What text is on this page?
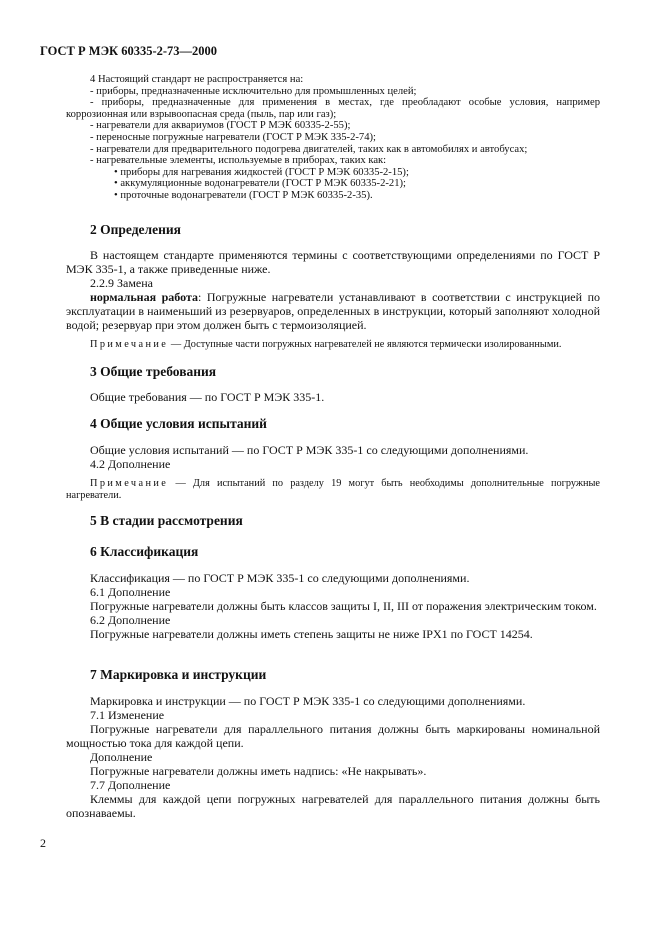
ГОСТ Р МЭК 60335-2-73—2000

4 Настоящий стандарт не распространяется на:

- приборы, предназначенные исключительно для промышленных целей;

- приборы, предназначенные для применения в местах, где преобладают особые условия, например коррозионная или взрывоопасная среда (пыль, пар или газ);

- нагреватели для аквариумов (ГОСТ Р МЭК 60335-2-55);

- переносные погружные нагреватели (ГОСТ Р МЭК 335-2-74);

- нагреватели для предварительного подогрева двигателей, таких как в автомобилях и автобусах;

- нагревательные элементы, используемые в приборах, таких как:

• приборы для нагревания жидкостей (ГОСТ Р МЭК 60335-2-15);

• аккумуляционные водонагреватели (ГОСТ Р МЭК 60335-2-21);

• проточные водонагреватели (ГОСТ Р МЭК 60335-2-35).

2 Определения

В настоящем стандарте применяются термины с соответствующими определениями по ГОСТ Р МЭК 335-1, а также приведенные ниже.

2.2.9 Замена

нормальная работа: Погружные нагреватели устанавливают в соответствии с инструкцией по эксплуатации в наименьший из резервуаров, определенных в инструкции, который заполняют холодной водой; резервуар при этом должен быть с термоизоляцией.

Примечание — Доступные части погружных нагревателей не являются термически изолированными.

3 Общие требования

Общие требования — по ГОСТ Р МЭК 335-1.

4 Общие условия испытаний

Общие условия испытаний — по ГОСТ Р МЭК 335-1 со следующими дополнениями.

4.2 Дополнение

Примечание — Для испытаний по разделу 19 могут быть необходимы дополнительные погружные нагреватели.

5 В стадии рассмотрения
6 Классификация

Классификация — по ГОСТ Р МЭК 335-1 со следующими дополнениями.

6.1 Дополнение

Погружные нагреватели должны быть классов защиты I, II, III от поражения электрическим током.

6.2 Дополнение

Погружные нагреватели должны иметь степень защиты не ниже IPX1 по ГОСТ 14254.

7 Маркировка и инструкции

Маркировка и инструкции — по ГОСТ Р МЭК 335-1 со следующими дополнениями.

7.1 Изменение

Погружные нагреватели для параллельного питания должны быть маркированы номинальной мощностью тока для каждой цепи.

Дополнение

Погружные нагреватели должны иметь надпись: «Не накрывать».

7.7 Дополнение

Клеммы для каждой цепи погружных нагревателей для параллельного питания должны быть опознаваемы.

2
